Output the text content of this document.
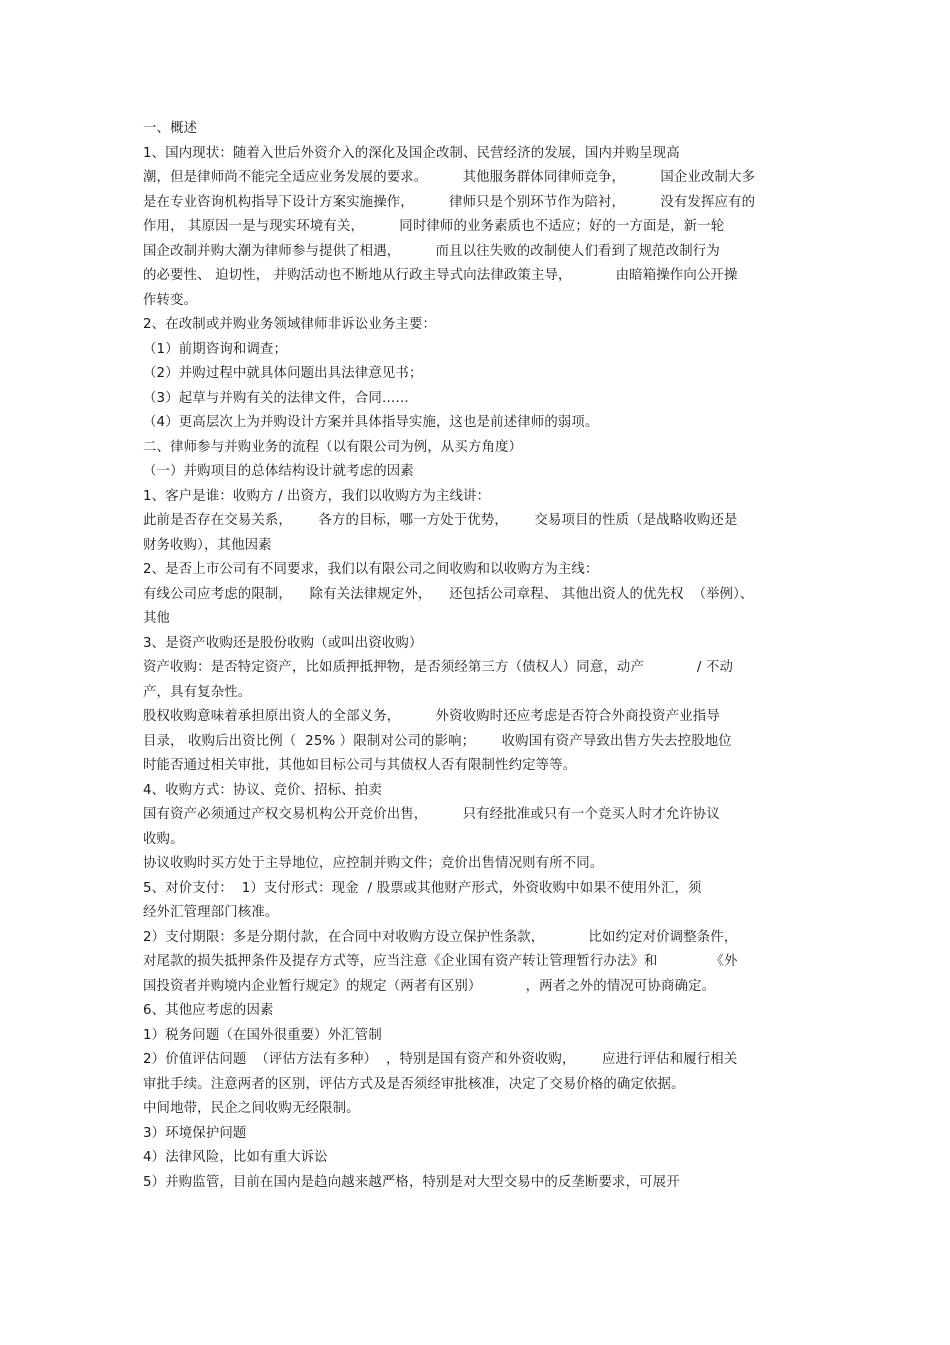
一、概述
1、国内现状：随着入世后外资介入的深化及国企改制、民营经济的发展，国内并购呈现高
潮，但是律师尚不能完全适应业务发展的要求。        其他服务群体同律师竞争，        国企业改制大多
是在专业咨询机构指导下设计方案实施操作，        律师只是个别环节作为陪衬，        没有发挥应有的
作用， 其原因一是与现实环境有关，        同时律师的业务素质也不适应；好的一方面是，新一轮
国企改制并购大潮为律师参与提供了相遇，        而且以往失败的改制使人们看到了规范改制行为
的必要性、 迫切性， 并购活动也不断地从行政主导式向法律政策主导，          由暗箱操作向公开操
作转变。
2、在改制或并购业务领域律师非诉讼业务主要：
（1）前期咨询和调查；
（2）并购过程中就具体问题出具法律意见书；
（3）起草与并购有关的法律文件，合同……
（4）更高层次上为并购设计方案并具体指导实施，这也是前述律师的弱项。
二、律师参与并购业务的流程（以有限公司为例，从买方角度）
（一）并购项目的总体结构设计就考虑的因素
1、客户是谁：收购方 / 出资方，我们以收购方为主线讲：
此前是否存在交易关系，      各方的目标，哪一方处于优势，      交易项目的性质（是战略收购还是
财务收购），其他因素
2、是否上市公司有不同要求，我们以有限公司之间收购和以收购方为主线：
有线公司应考虑的限制，    除有关法律规定外，    还包括公司章程、 其他出资人的优先权  （举例）、
其他
3、是资产收购还是股份收购（或叫出资收购）
资产收购：是否特定资产，比如质押抵押物，是否须经第三方（债权人）同意，动产            / 不动
产，具有复杂性。
股权收购意味着承担原出资人的全部义务，        外资收购时还应考虑是否符合外商投资产业指导
目录， 收购后出资比例（  25% ）限制对公司的影响；      收购国有资产导致出售方失去控股地位
时能否通过相关审批，其他如目标公司与其债权人否有限制性约定等等。
4、收购方式：协议、竞价、招标、拍卖
国有资产必须通过产权交易机构公开竞价出售，        只有经批准或只有一个竞买人时才允许协议
收购。
协议收购时买方处于主导地位，应控制并购文件；竞价出售情况则有所不同。
5、对价支付：  1）支付形式：现金  / 股票或其他财产形式，外资收购中如果不使用外汇，须
经外汇管理部门核准。
2）支付期限：多是分期付款，在合同中对收购方设立保护性条款，          比如约定对价调整条件，
对尾款的损失抵押条件及提存方式等，应当注意《企业国有资产转让管理暂行办法》和            《外
国投资者并购境内企业暂行规定》的规定（两者有区别）          ，两者之外的情况可协商确定。
6、其他应考虑的因素
1）税务问题（在国外很重要）外汇管制
2）价值评估问题  （评估方法有多种）  ，特别是国有资产和外资收购，      应进行评估和履行相关
审批手续。注意两者的区别，评估方式及是否须经审批核准，决定了交易价格的确定依据。
中间地带，民企之间收购无经限制。
3）环境保护问题
4）法律风险，比如有重大诉讼
5）并购监管，目前在国内是趋向越来越严格，特别是对大型交易中的反垄断要求，可展开
